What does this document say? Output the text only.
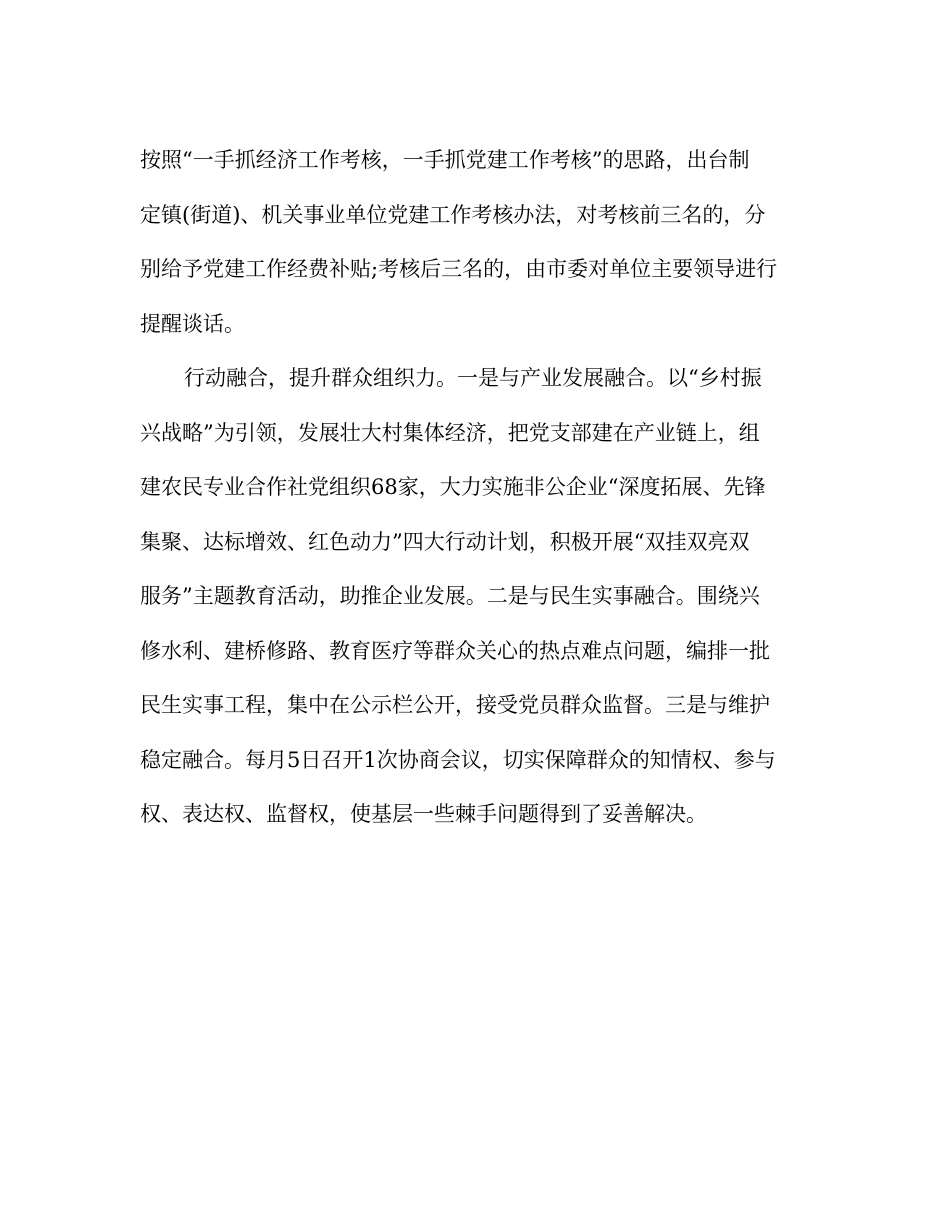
按照“一手抓经济工作考核，一手抓党建工作考核”的思路，出台制
定镇(街道)、机关事业单位党建工作考核办法，对考核前三名的，分
别给予党建工作经费补贴;考核后三名的，由市委对单位主要领导进行
提醒谈话。
行动融合，提升群众组织力。一是与产业发展融合。以“乡村振
兴战略”为引领，发展壮大村集体经济，把党支部建在产业链上，组
建农民专业合作社党组织68家，大力实施非公企业“深度拓展、先锋
集聚、达标增效、红色动力”四大行动计划，积极开展“双挂双亮双
服务”主题教育活动，助推企业发展。二是与民生实事融合。围绕兴
修水利、建桥修路、教育医疗等群众关心的热点难点问题，编排一批
民生实事工程，集中在公示栏公开，接受党员群众监督。三是与维护
稳定融合。每月5日召开1次协商会议，切实保障群众的知情权、参与
权、表达权、监督权，使基层一些棘手问题得到了妥善解决。
